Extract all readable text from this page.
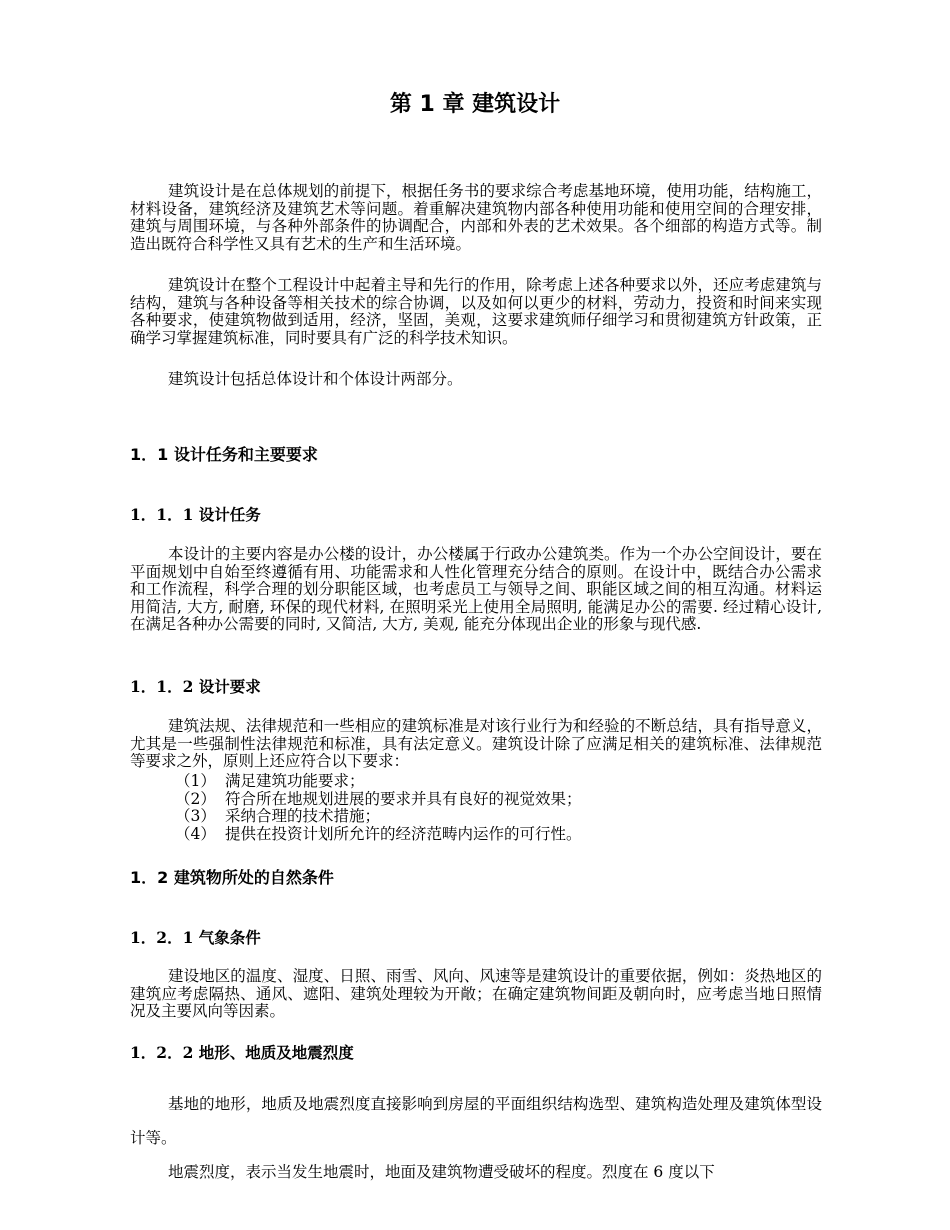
第 1 章 建筑设计

建筑设计是在总体规划的前提下，根据任务书的要求综合考虑基地环境，使用功能，结构施工，材料设备，建筑经济及建筑艺术等问题。着重解决建筑物内部各种使用功能和使用空间的合理安排，建筑与周围环境，与各种外部条件的协调配合，内部和外表的艺术效果。各个细部的构造方式等。制造出既符合科学性又具有艺术的生产和生活环境。

建筑设计在整个工程设计中起着主导和先行的作用，除考虑上述各种要求以外，还应考虑建筑与结构，建筑与各种设备等相关技术的综合协调，以及如何以更少的材料，劳动力，投资和时间来实现各种要求，使建筑物做到适用，经济，坚固，美观，这要求建筑师仔细学习和贯彻建筑方针政策，正确学习掌握建筑标准，同时要具有广泛的科学技术知识。

建筑设计包括总体设计和个体设计两部分。

1．1 设计任务和主要要求
1．1．1 设计任务

本设计的主要内容是办公楼的设计，办公楼属于行政办公建筑类。作为一个办公空间设计，要在平面规划中自始至终遵循有用、功能需求和人性化管理充分结合的原则。在设计中，既结合办公需求和工作流程，科学合理的划分职能区域，也考虑员工与领导之间、职能区域之间的相互沟通。材料运用简洁, 大方, 耐磨, 环保的现代材料, 在照明采光上使用全局照明, 能满足办公的需要. 经过精心设计, 在满足各种办公需要的同时, 又简洁, 大方, 美观, 能充分体现出企业的形象与现代感.

1．1．2 设计要求

建筑法规、法律规范和一些相应的建筑标准是对该行业行为和经验的不断总结，具有指导意义，尤其是一些强制性法律规范和标准，具有法定意义。建筑设计除了应满足相关的建筑标准、法律规范等要求之外，原则上还应符合以下要求：

（1） 满足建筑功能要求；
（2） 符合所在地规划进展的要求并具有良好的视觉效果；
（3） 采纳合理的技术措施；
（4） 提供在投资计划所允许的经济范畴内运作的可行性。
1．2 建筑物所处的自然条件
1．2．1 气象条件

建设地区的温度、湿度、日照、雨雪、风向、风速等是建筑设计的重要依据，例如：炎热地区的建筑应考虑隔热、通风、遮阳、建筑处理较为开敞；在确定建筑物间距及朝向时，应考虑当地日照情况及主要风向等因素。

1．2．2 地形、地质及地震烈度

基地的地形，地质及地震烈度直接影响到房屋的平面组织结构选型、建筑构造处理及建筑体型设计等。

地震烈度，表示当发生地震时，地面及建筑物遭受破坏的程度。烈度在 6 度以下
